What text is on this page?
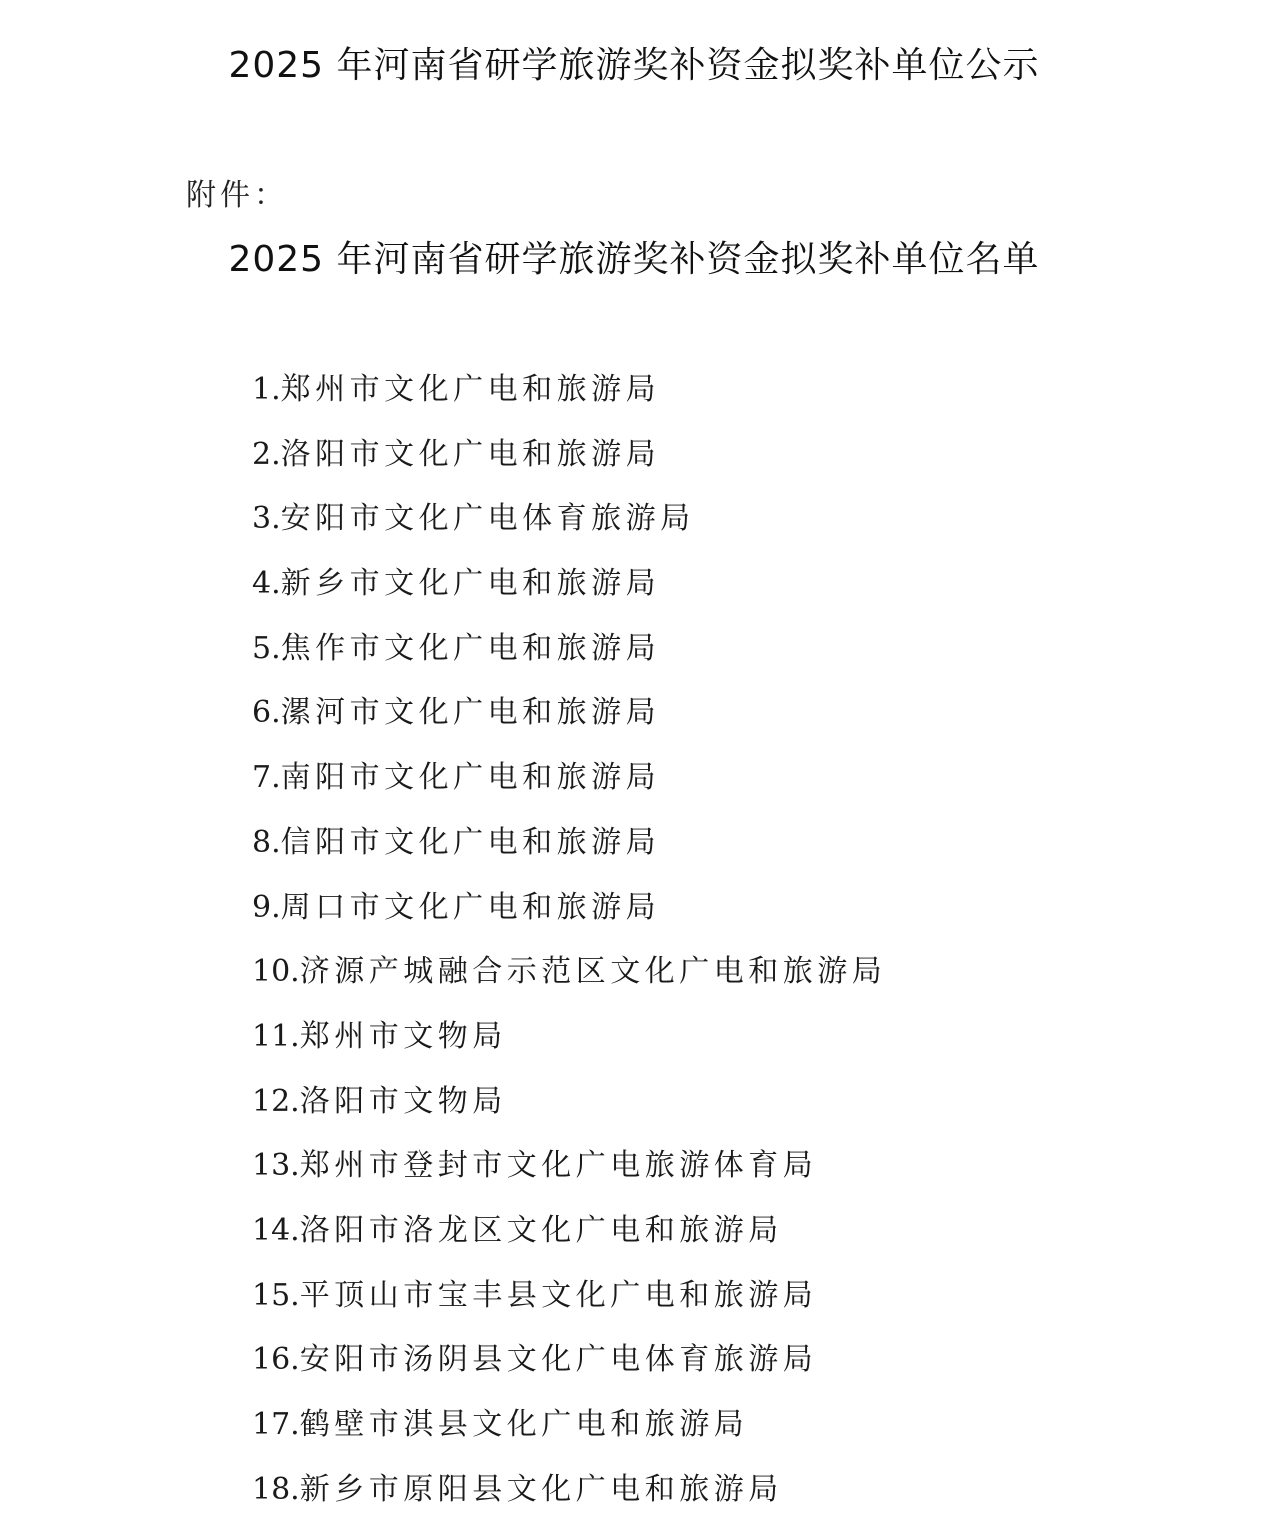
2025 年河南省研学旅游奖补资金拟奖补单位公示
附件：
2025 年河南省研学旅游奖补资金拟奖补单位名单
1.郑州市文化广电和旅游局
2.洛阳市文化广电和旅游局
3.安阳市文化广电体育旅游局
4.新乡市文化广电和旅游局
5.焦作市文化广电和旅游局
6.漯河市文化广电和旅游局
7.南阳市文化广电和旅游局
8.信阳市文化广电和旅游局
9.周口市文化广电和旅游局
10.济源产城融合示范区文化广电和旅游局
11.郑州市文物局
12.洛阳市文物局
13.郑州市登封市文化广电旅游体育局
14.洛阳市洛龙区文化广电和旅游局
15.平顶山市宝丰县文化广电和旅游局
16.安阳市汤阴县文化广电体育旅游局
17.鹤壁市淇县文化广电和旅游局
18.新乡市原阳县文化广电和旅游局
